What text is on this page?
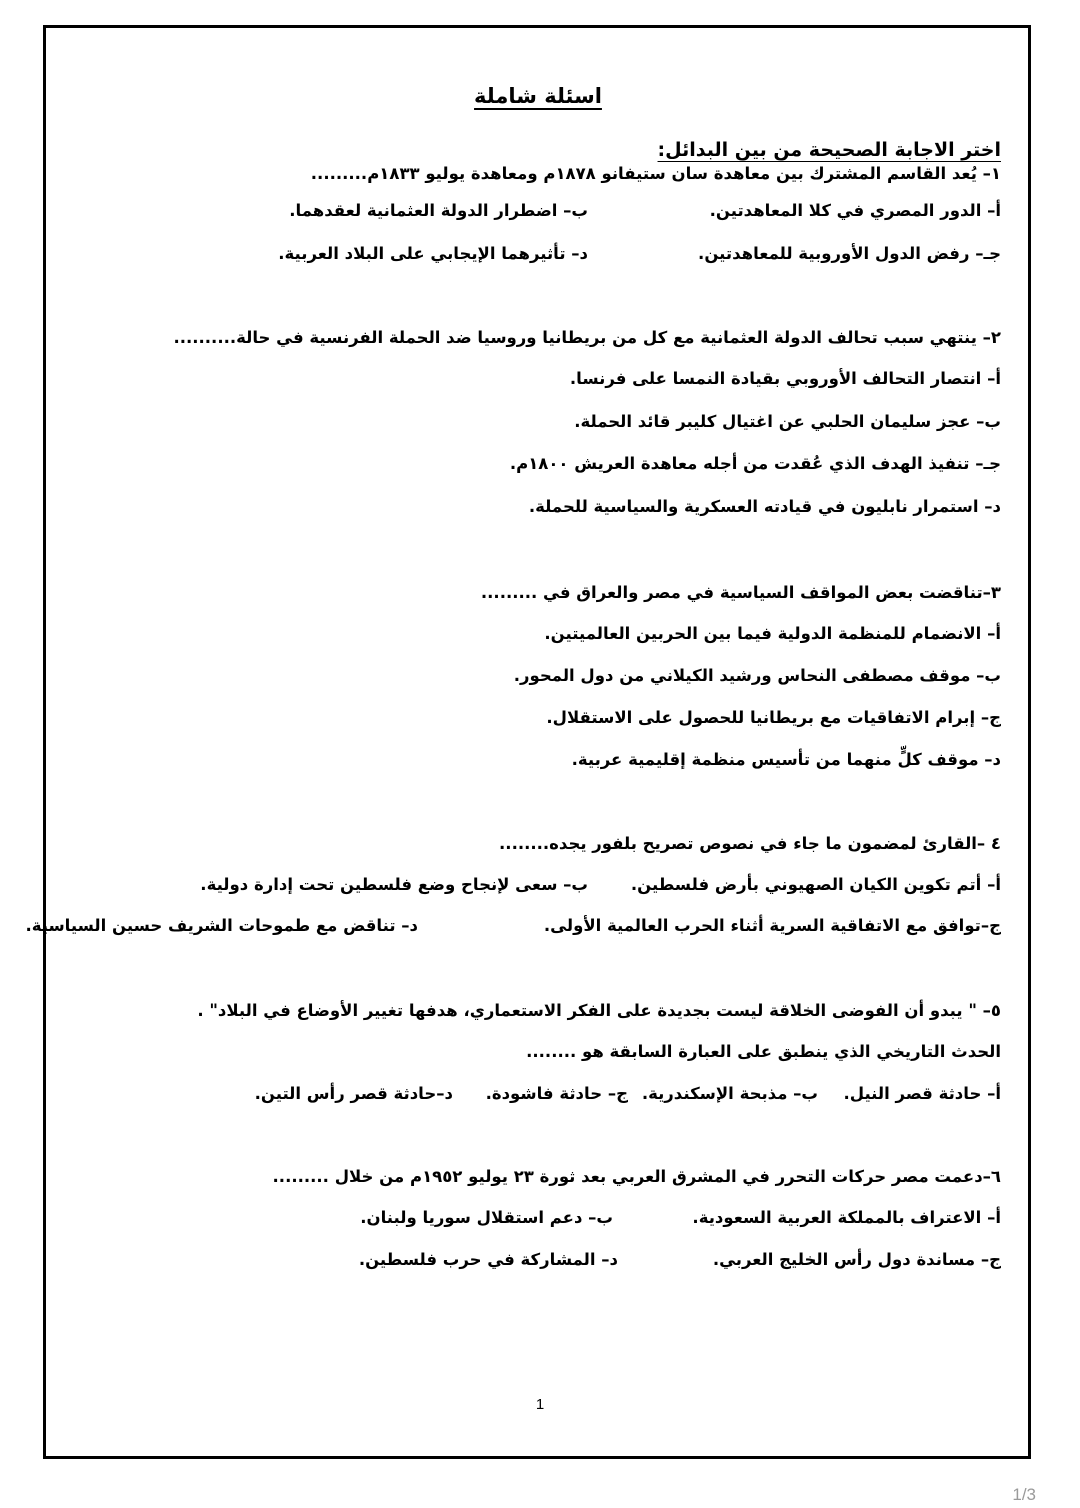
اسئلة شاملة
اختر الاجابة الصحيحة من بين البدائل:
١– يُعد القاسم المشترك بين معاهدة سان ستيفانو ١٨٧٨م ومعاهدة يوليو ١٨٣٣م.........
أ– الدور المصري في كلا المعاهدتين.
ب– اضطرار الدولة العثمانية لعقدهما.
جـ– رفض الدول الأوروبية للمعاهدتين.
د– تأثيرهما الإيجابي على البلاد العربية.
٢– ينتهي سبب تحالف الدولة العثمانية مع كل من بريطانيا وروسيا ضد الحملة الفرنسية في حالة..........
أ– انتصار التحالف الأوروبي بقيادة النمسا على فرنسا.
ب– عجز سليمان الحلبي عن اغتيال كليبر قائد الحملة.
جـ– تنفيذ الهدف الذي عُقدت من أجله معاهدة العريش ١٨٠٠م.
د– استمرار نابليون في قيادته العسكرية والسياسية للحملة.
٣–تناقضت بعض المواقف السياسية في مصر والعراق في .........
أ– الانضمام للمنظمة الدولية فيما بين الحربين العالميتين.
ب– موقف مصطفى النحاس ورشيد الكيلاني من دول المحور.
ج– إبرام الاتفاقيات مع بريطانيا للحصول على الاستقلال.
د– موقف كلٍّ منهما من تأسيس منظمة إقليمية عربية.
٤ –القارئ لمضمون ما جاء في نصوص تصريح بلفور يجده........
أ– أتم تكوين الكيان الصهيوني بأرض فلسطين.
ب– سعى لإنجاح وضع فلسطين تحت إدارة دولية.
ج–توافق مع الاتفاقية السرية أثناء الحرب العالمية الأولى.
د– تناقض مع طموحات الشريف حسين السياسية.
٥– " يبدو أن الفوضى الخلاقة ليست بجديدة على الفكر الاستعماري، هدفها تغيير الأوضاع في البلاد" .
الحدث التاريخي الذي ينطبق على العبارة السابقة هو ........
أ– حادثة قصر النيل.
ب– مذبحة الإسكندرية.
ج– حادثة فاشودة.
د–حادثة قصر رأس التين.
٦–دعمت مصر حركات التحرر في المشرق العربي بعد ثورة ٢٣ يوليو ١٩٥٢م من خلال .........
أ– الاعتراف بالمملكة العربية السعودية.
ب– دعم استقلال سوريا ولبنان.
ج– مساندة دول رأس الخليج العربي.
د– المشاركة في حرب فلسطين.
1
1/3
